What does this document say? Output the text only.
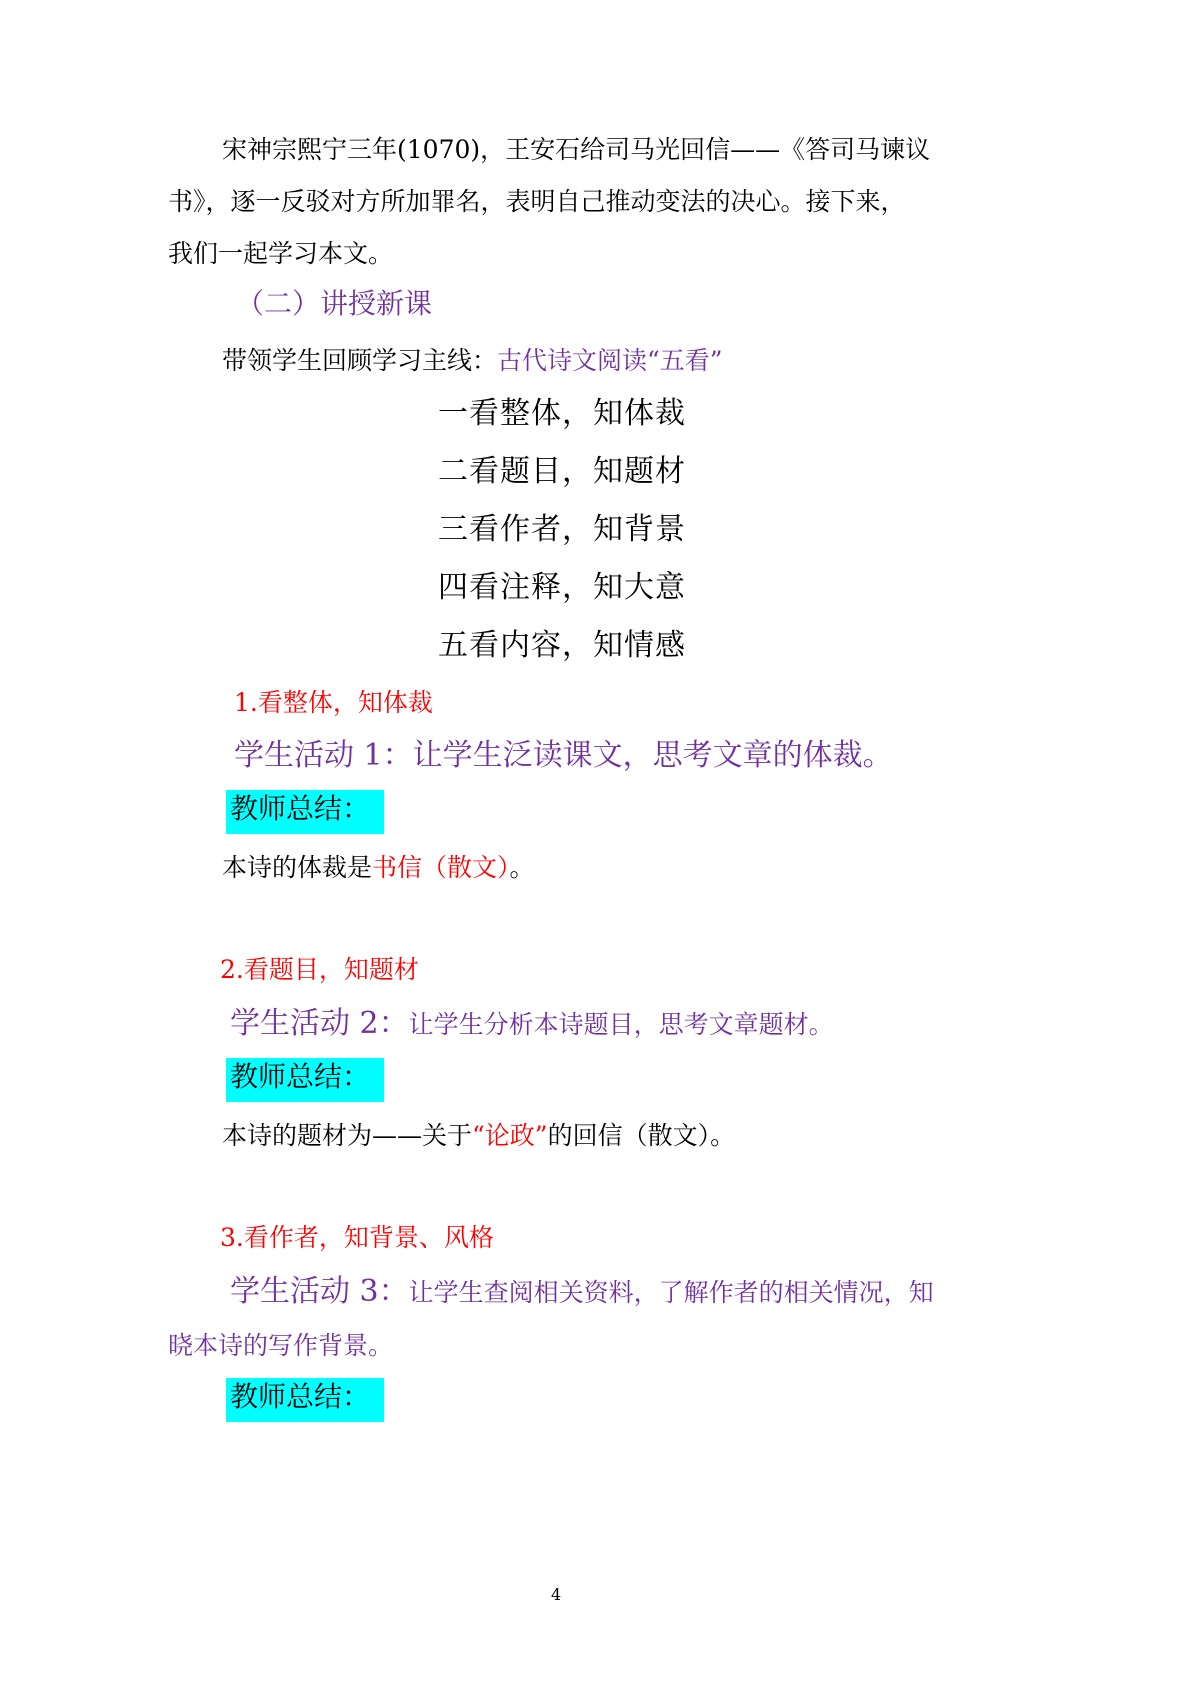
宋神宗熙宁三年(1070)，王安石给司马光回信——《答司马谏议
书》，逐一反驳对方所加罪名，表明自己推动变法的决心。接下来，
我们一起学习本文。
（二）讲授新课
带领学生回顾学习主线：古代诗文阅读“五看”
一看整体，知体裁
二看题目，知题材
三看作者，知背景
四看注释，知大意
五看内容，知情感
1.看整体，知体裁
学生活动 1：让学生泛读课文，思考文章的体裁。
教师总结：
本诗的体裁是书信（散文）。
2.看题目，知题材
学生活动 2：让学生分析本诗题目，思考文章题材。
教师总结：
本诗的题材为——关于“论政”的回信（散文）。
3.看作者，知背景、风格
学生活动 3：让学生查阅相关资料，了解作者的相关情况，知
晓本诗的写作背景。
教师总结：
4
